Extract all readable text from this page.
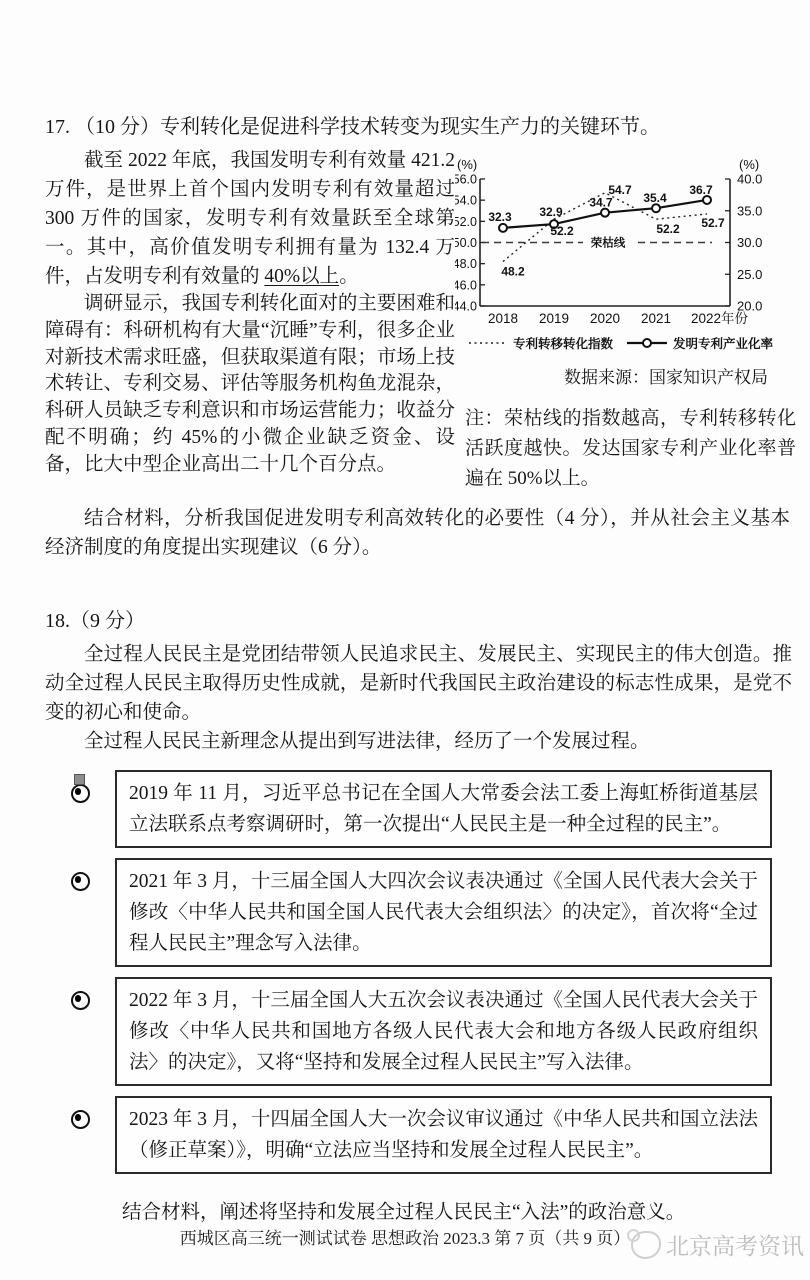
17. （10 分）专利转化是促进科学技术转变为现实生产力的关键环节。

截至 2022 年底，我国发明专利有效量 421.2 万件，是世界上首个国内发明专利有效量超过 300 万件的国家，发明专利有效量跃至全球第一。其中，高价值发明专利拥有量为 132.4 万件，占发明专利有效量的 40%以上。

调研显示，我国专利转化面对的主要困难和障碍有：科研机构有大量“沉睡”专利，很多企业对新技术需求旺盛，但获取渠道有限；市场上技术转让、专利交易、评估等服务机构鱼龙混杂，科研人员缺乏专利意识和市场运营能力；收益分配不明确；约 45%的小微企业缺乏资金、设备，比大中型企业高出二十几个百分点。

44.0
46.0
48.0
50.0
52.0
54.0
56.0
20.0
25.0
30.0
35.0
40.0
(%)	(%)
2018 2019 2020 2021 2022年份
荣枯线
48.2
52.2
54.7
52.2 52.7
32.3 32.9
34.7	35.4
36.7
专利转移转化指数	发明专利产业化率
数据来源：国家知识产权局
注：荣枯线的指数越高，专利转移转化活跃度越快。发达国家专利产业化率普遍在 50%以上。

结合材料，分析我国促进发明专利高效转化的必要性（4 分），并从社会主义基本经济制度的角度提出实现建议（6 分）。

18.（9 分）

全过程人民民主是党团结带领人民追求民主、发展民主、实现民主的伟大创造。推动全过程人民民主取得历史性成就，是新时代我国民主政治建设的标志性成果，是党不变的初心和使命。

全过程人民民主新理念从提出到写进法律，经历了一个发展过程。

2019 年 11 月，习近平总书记在全国人大常委会法工委上海虹桥街道基层立法联系点考察调研时，第一次提出“人民民主是一种全过程的民主”。
2021 年 3 月，十三届全国人大四次会议表决通过《全国人民代表大会关于修改〈中华人民共和国全国人民代表大会组织法〉的决定》，首次将“全过程人民民主”理念写入法律。
2022 年 3 月，十三届全国人大五次会议表决通过《全国人民代表大会关于修改〈中华人民共和国地方各级人民代表大会和地方各级人民政府组织法〉的决定》，又将“坚持和发展全过程人民民主”写入法律。
2023 年 3 月，十四届全国人大一次会议审议通过《中华人民共和国立法法（修正草案）》，明确“立法应当坚持和发展全过程人民民主”。

结合材料，阐述将坚持和发展全过程人民民主“入法”的政治意义。

西城区高三统一测试试卷 思想政治 2023.3 第 7 页（共 9 页）	北京高考资讯
